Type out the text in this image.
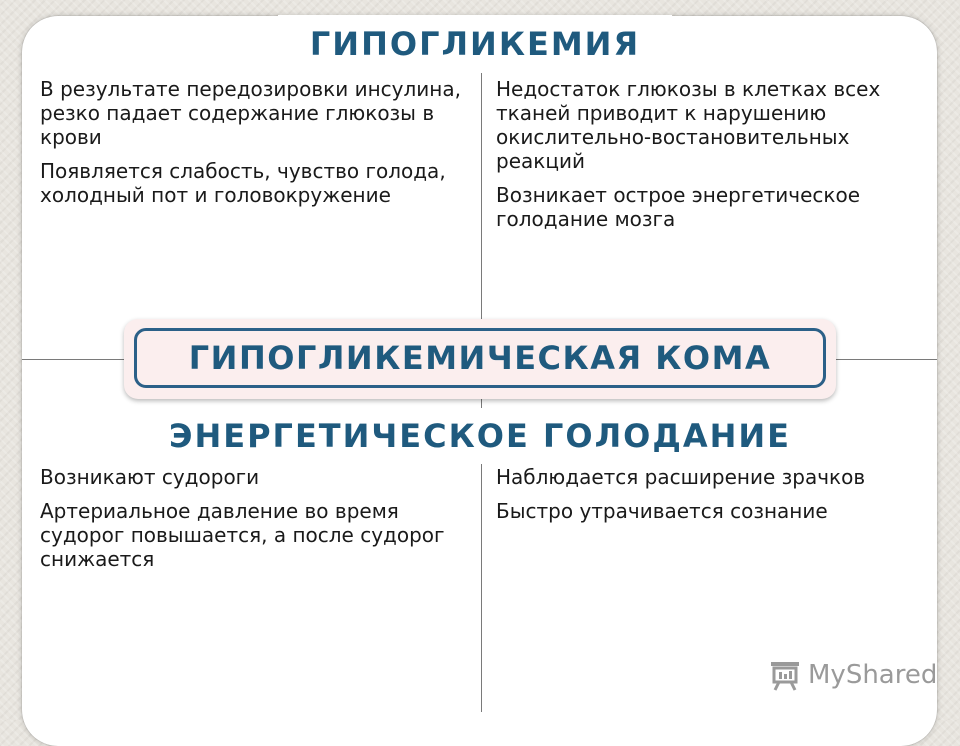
ГИПОГЛИКЕМИЯ

В результате передозировки инсулина, резко падает содержание глюкозы в крови

Появляется слабость, чувство голода, холодный пот и головокружение

Недостаток глюкозы в клетках всех тканей приводит к нарушению окислительно-востановительных реакций

Возникает острое энергетическое голодание мозга

ГИПОГЛИКЕМИЧЕСКАЯ КОМА
ЭНЕРГЕТИЧЕСКОЕ ГОЛОДАНИЕ

Возникают судороги

Артериальное давление во время судорог повышается, а после судорог снижается

Наблюдается расширение зрачков

Быстро утрачивается сознание

MyShared
